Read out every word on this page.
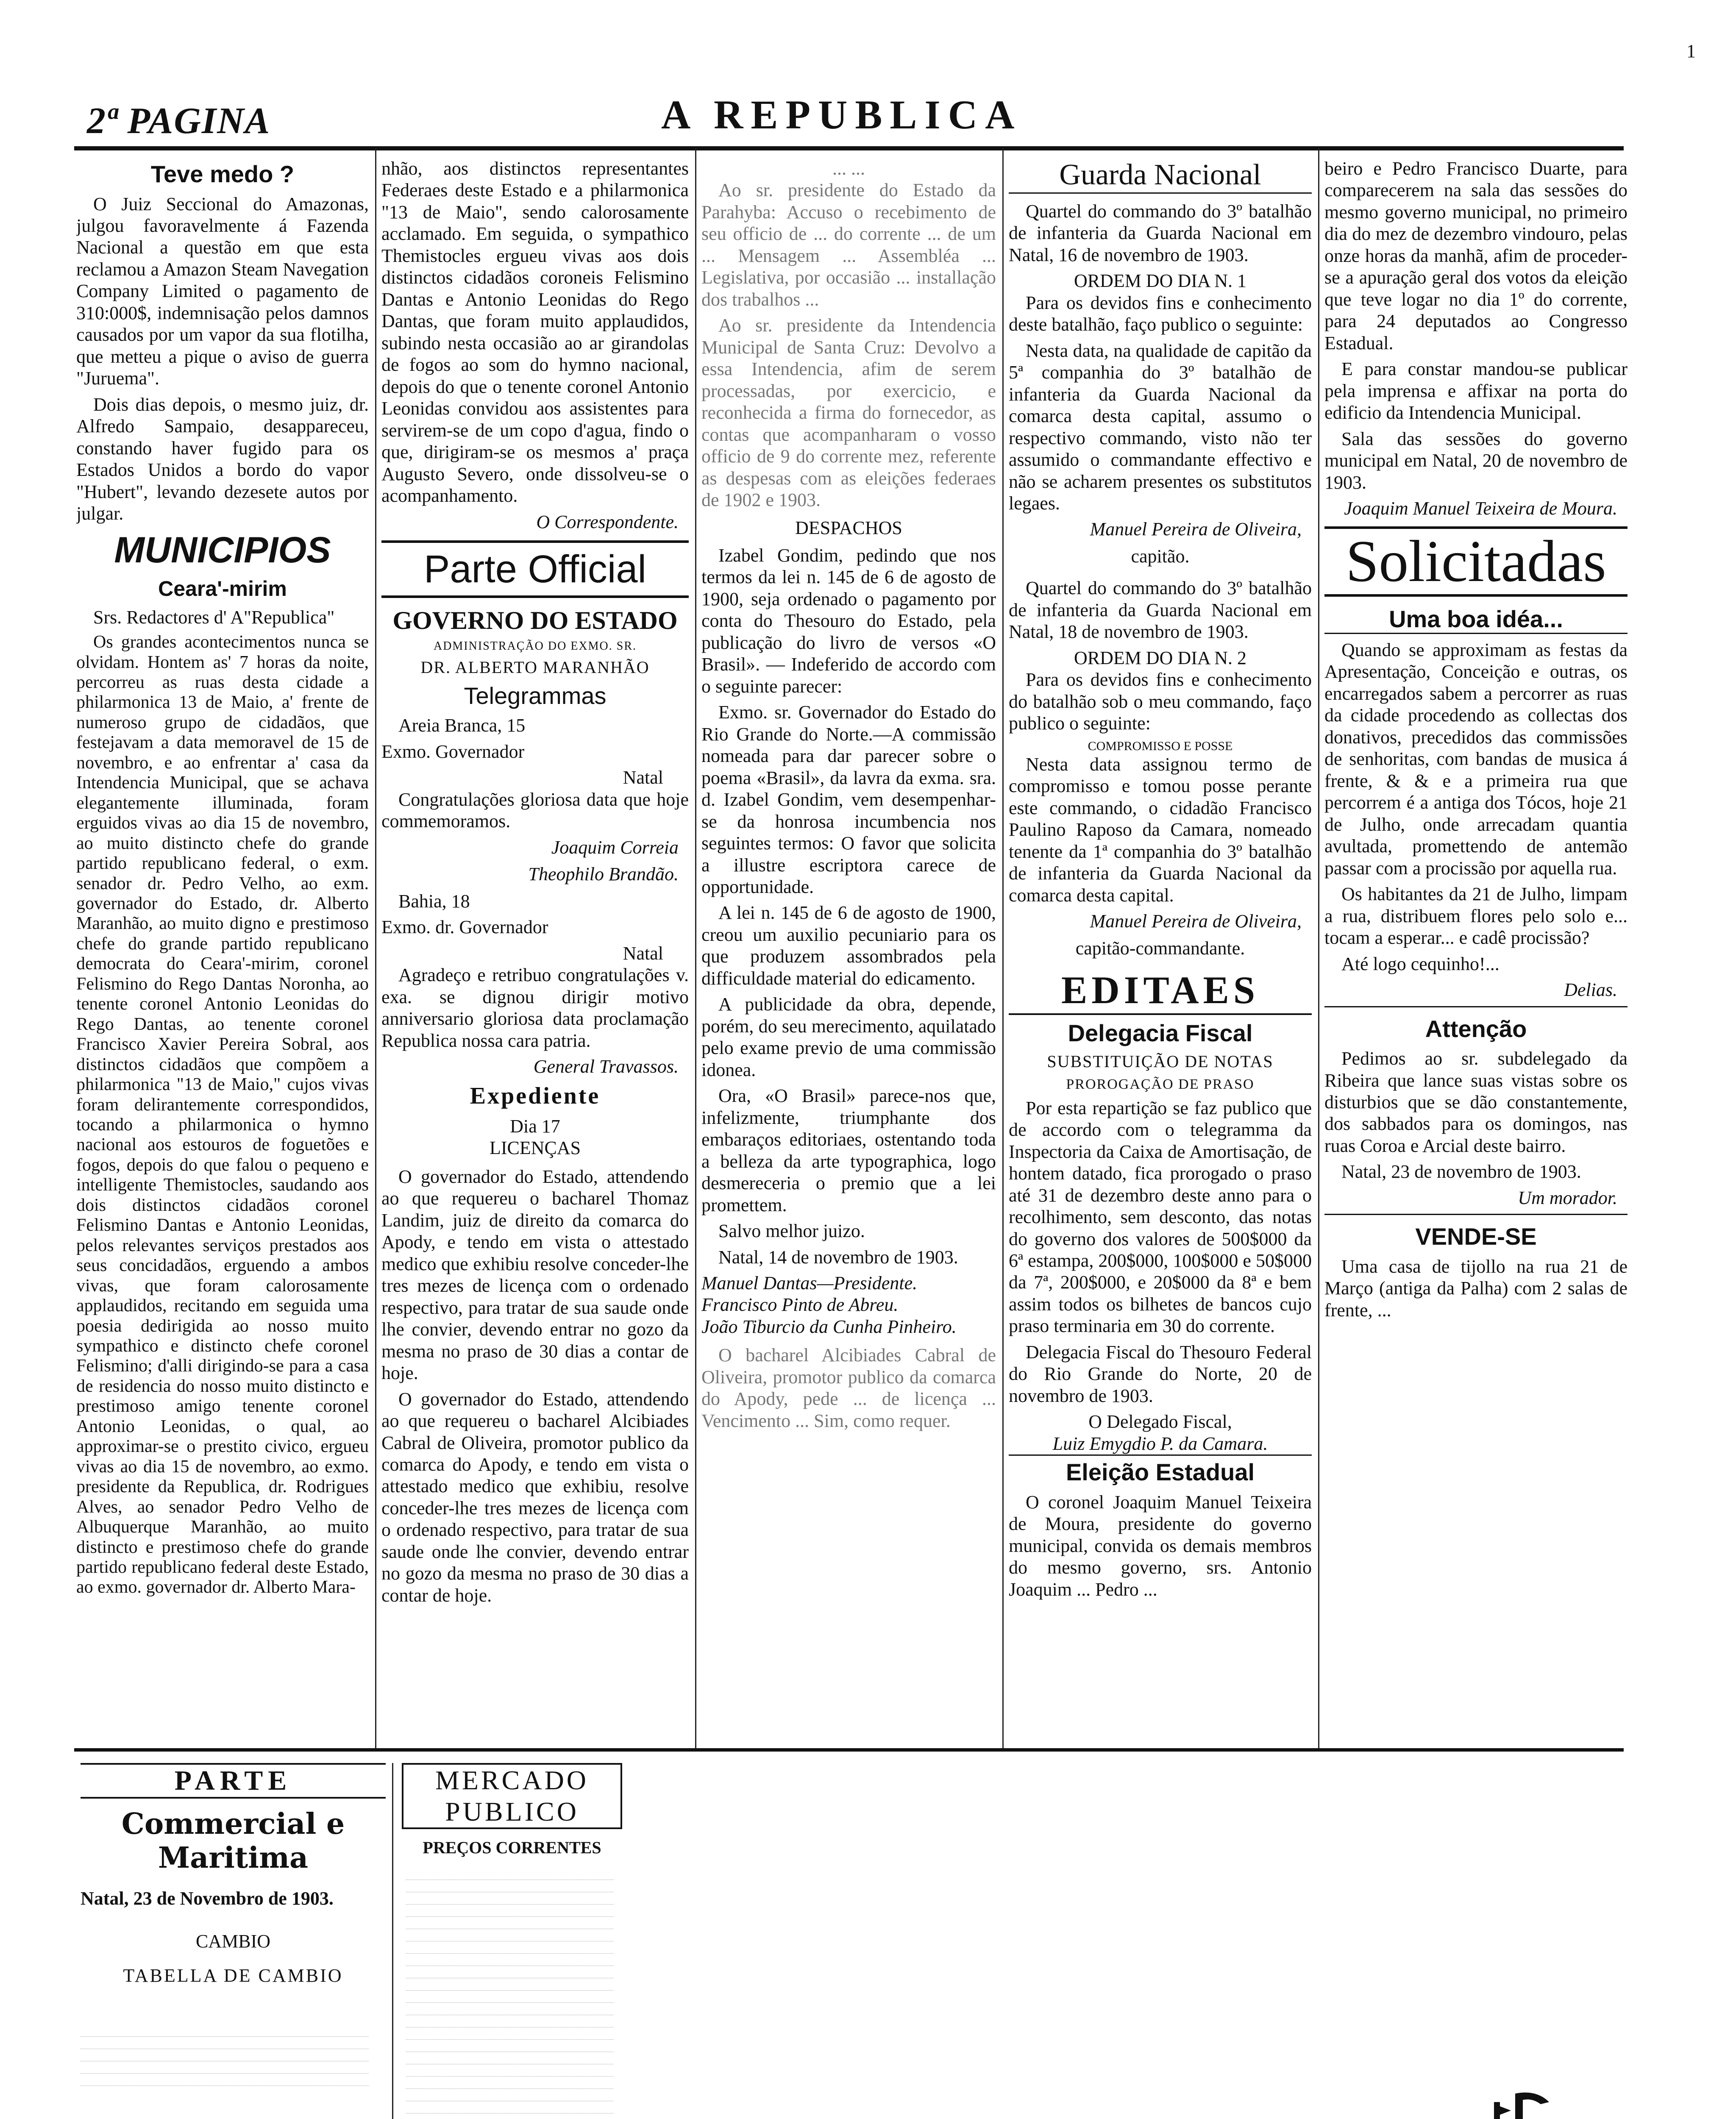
1
2ª PAGINA	A REPUBLICA
Teve medo ?

O Juiz Seccional do Amazonas, julgou favoravelmente á Fazenda Nacional a questão em que esta reclamou a Amazon Steam Navegation Company Limited o pagamento de 310:000$, indemnisação pelos damnos causados por um vapor da sua flotilha, que metteu a pique o aviso de guerra "Juruema".

Dois dias depois, o mesmo juiz, dr. Alfredo Sampaio, desappareceu, constando haver fugido para os Estados Unidos a bordo do vapor "Hubert", levando dezesete autos por julgar.

MUNICIPIOS
Ceara'-mirim

Srs. Redactores d' A"Republica"

Os grandes acontecimentos nunca se olvidam. Hontem as' 7 horas da noite, percorreu as ruas desta cidade a philarmonica 13 de Maio, a' frente de numeroso grupo de cidadãos, que festejavam a data memoravel de 15 de novembro, e ao enfrentar a' casa da Intendencia Municipal, que se achava elegantemente illuminada, foram erguidos vivas ao dia 15 de novembro, ao muito distincto chefe do grande partido republicano federal, o exm. senador dr. Pedro Velho, ao exm. governador do Estado, dr. Alberto Maranhão, ao muito digno e prestimoso chefe do grande partido republicano democrata do Ceara'-mirim, coronel Felismino do Rego Dantas Noronha, ao tenente coronel Antonio Leonidas do Rego Dantas, ao tenente coronel Francisco Xavier Pereira Sobral, aos distinctos cidadãos que compõem a philarmonica "13 de Maio," cujos vivas foram delirantemente correspondidos, tocando a philarmonica o hymno nacional aos estouros de foguetões e fogos, depois do que falou o pequeno e intelligente Themistocles, saudando aos dois distinctos cidadãos coronel Felismino Dantas e Antonio Leonidas, pelos relevantes serviços prestados aos seus concidadãos, erguendo a ambos vivas, que foram calorosamente applaudidos, recitando em seguida uma poesia dedirigida ao nosso muito sympathico e distincto chefe coronel Felismino; d'alli dirigindo-se para a casa de residencia do nosso muito distincto e prestimoso amigo tenente coronel Antonio Leonidas, o qual, ao approximar-se o prestito civico, ergueu vivas ao dia 15 de novembro, ao exmo. presidente da Republica, dr. Rodrigues Alves, ao senador Pedro Velho de Albuquerque Maranhão, ao muito distincto e prestimoso chefe do grande partido republicano federal deste Estado, ao exmo. governador dr. Alberto Mara-

nhão, aos distinctos representantes Federaes deste Estado e a philarmonica "13 de Maio", sendo calorosamente acclamado. Em seguida, o sympathico Themistocles ergueu vivas aos dois distinctos cidadãos coroneis Felismino Dantas e Antonio Leonidas do Rego Dantas, que foram muito applaudidos, subindo nesta occasião ao ar girandolas de fogos ao som do hymno nacional, depois do que o tenente coronel Antonio Leonidas convidou aos assistentes para servirem-se de um copo d'agua, findo o que, dirigiram-se os mesmos a' praça Augusto Severo, onde dissolveu-se o acompanhamento.

O Correspondente.
Parte Official
GOVERNO DO ESTADO
ADMINISTRAÇÃO DO EXMO. SR.
DR. ALBERTO MARANHÃO
Telegrammas

Areia Branca, 15

Exmo. Governador

Natal

Congratulações gloriosa data que hoje commemoramos.

Joaquim Correia
Theophilo Brandão.

Bahia, 18

Exmo. dr. Governador

Natal

Agradeço e retribuo congratulações v. exa. se dignou dirigir motivo anniversario gloriosa data proclamação Republica nossa cara patria.

General Travassos.
Expediente
Dia 17
LICENÇAS

O governador do Estado, attendendo ao que requereu o bacharel Thomaz Landim, juiz de direito da comarca do Apody, e tendo em vista o attestado medico que exhibiu resolve conceder-lhe tres mezes de licença com o ordenado respectivo, para tratar de sua saude onde lhe convier, devendo entrar no gozo da mesma no praso de 30 dias a contar de hoje.

O governador do Estado, attendendo ao que requereu o bacharel Alcibiades Cabral de Oliveira, promotor publico da comarca do Apody, e tendo em vista o attestado medico que exhibiu, resolve conceder-lhe tres mezes de licença com o ordenado respectivo, para tratar de sua saude onde lhe convier, devendo entrar no gozo da mesma no praso de 30 dias a contar de hoje.

... ...

Ao sr. presidente do Estado da Parahyba: Accuso o recebimento de seu officio de ... do corrente ... de um ... Mensagem ... Assembléa ... Legislativa, por occasião ... installação dos trabalhos ...

Ao sr. presidente da Intendencia Municipal de Santa Cruz: Devolvo a essa Intendencia, afim de serem processadas, por exercicio, e reconhecida a firma do fornecedor, as contas que acompanharam o vosso officio de 9 do corrente mez, referente as despesas com as eleições federaes de 1902 e 1903.

DESPACHOS

Izabel Gondim, pedindo que nos termos da lei n. 145 de 6 de agosto de 1900, seja ordenado o pagamento por conta do Thesouro do Estado, pela publicação do livro de versos «O Brasil». — Indeferido de accordo com o seguinte parecer:

Exmo. sr. Governador do Estado do Rio Grande do Norte.—A commissão nomeada para dar parecer sobre o poema «Brasil», da lavra da exma. sra. d. Izabel Gondim, vem desempenhar-se da honrosa incumbencia nos seguintes termos: O favor que solicita a illustre escriptora carece de opportunidade.

A lei n. 145 de 6 de agosto de 1900, creou um auxilio pecuniario para os que produzem assombrados pela difficuldade material do edicamento.

A publicidade da obra, depende, porém, do seu merecimento, aquilatado pelo exame previo de uma commissão idonea.

Ora, «O Brasil» parece-nos que, infelizmente, triumphante dos embaraços editoriaes, ostentando toda a belleza da arte typographica, logo desmereceria o premio que a lei promettem.

Salvo melhor juizo.

Natal, 14 de novembro de 1903.

Manuel Dantas—Presidente.
Francisco Pinto de Abreu.
João Tiburcio da Cunha Pinheiro.

O bacharel Alcibiades Cabral de Oliveira, promotor publico da comarca do Apody, pede ... de licença ... Vencimento ... Sim, como requer.

Guarda Nacional

Quartel do commando do 3º batalhão de infanteria da Guarda Nacional em Natal, 16 de novembro de 1903.

ORDEM DO DIA N. 1

Para os devidos fins e conhecimento deste batalhão, faço publico o seguinte:

Nesta data, na qualidade de capitão da 5ª companhia do 3º batalhão de infanteria da Guarda Nacional da comarca desta capital, assumo o respectivo commando, visto não ter assumido o commandante effectivo e não se acharem presentes os substitutos legaes.

Manuel Pereira de Oliveira,
capitão.

Quartel do commando do 3º batalhão de infanteria da Guarda Nacional em Natal, 18 de novembro de 1903.

ORDEM DO DIA N. 2

Para os devidos fins e conhecimento do batalhão sob o meu commando, faço publico o seguinte:

COMPROMISSO E POSSE

Nesta data assignou termo de compromisso e tomou posse perante este commando, o cidadão Francisco Paulino Raposo da Camara, nomeado tenente da 1ª companhia do 3º batalhão de infanteria da Guarda Nacional da comarca desta capital.

Manuel Pereira de Oliveira,
capitão-commandante.
EDITAES
Delegacia Fiscal
SUBSTITUIÇÃO DE NOTAS
PROROGAÇÃO DE PRASO

Por esta repartição se faz publico que de accordo com o telegramma da Inspectoria da Caixa de Amortisação, de hontem datado, fica prorogado o praso até 31 de dezembro deste anno para o recolhimento, sem desconto, das notas do governo dos valores de 500$000 da 6ª estampa, 200$000, 100$000 e 50$000 da 7ª, 200$000, e 20$000 da 8ª e bem assim todos os bilhetes de bancos cujo praso terminaria em 30 do corrente.

Delegacia Fiscal do Thesouro Federal do Rio Grande do Norte, 20 de novembro de 1903.

O Delegado Fiscal,
Luiz Emygdio P. da Camara.
Eleição Estadual

O coronel Joaquim Manuel Teixeira de Moura, presidente do governo municipal, convida os demais membros do mesmo governo, srs. Antonio Joaquim ... Pedro ...

beiro e Pedro Francisco Duarte, para comparecerem na sala das sessões do mesmo governo municipal, no primeiro dia do mez de dezembro vindouro, pelas onze horas da manhã, afim de proceder-se a apuração geral dos votos da eleição que teve logar no dia 1º do corrente, para 24 deputados ao Congresso Estadual.

E para constar mandou-se publicar pela imprensa e affixar na porta do edificio da Intendencia Municipal.

Sala das sessões do governo municipal em Natal, 20 de novembro de 1903.

Joaquim Manuel Teixeira de Moura.
Solicitadas
Uma boa idéa...

Quando se approximam as festas da Apresentação, Conceição e outras, os encarregados sabem a percorrer as ruas da cidade procedendo as collectas dos donativos, precedidos das commissões de senhoritas, com bandas de musica á frente, & & e a primeira rua que percorrem é a antiga dos Tócos, hoje 21 de Julho, onde arrecadam quantia avultada, promettendo de antemão passar com a procissão por aquella rua.

Os habitantes da 21 de Julho, limpam a rua, distribuem flores pelo solo e... tocam a esperar... e cadê procissão?

Até logo cequinho!...

Delias.
Attenção

Pedimos ao sr. subdelegado da Ribeira que lance suas vistas sobre os disturbios que se dão constantemente, dos sabbados para os domingos, nas ruas Coroa e Arcial deste bairro.

Natal, 23 de novembro de 1903.

Um morador.
VENDE-SE

Uma casa de tijollo na rua 21 de Março (antiga da Palha) com 2 salas de frente, ...

PARTE
Commercial e Maritima
Natal, 23 de Novembro de 1903.
CAMBIO
TABELLA DE CAMBIO
MERCADO PUBLICO
PREÇOS CORRENTES
